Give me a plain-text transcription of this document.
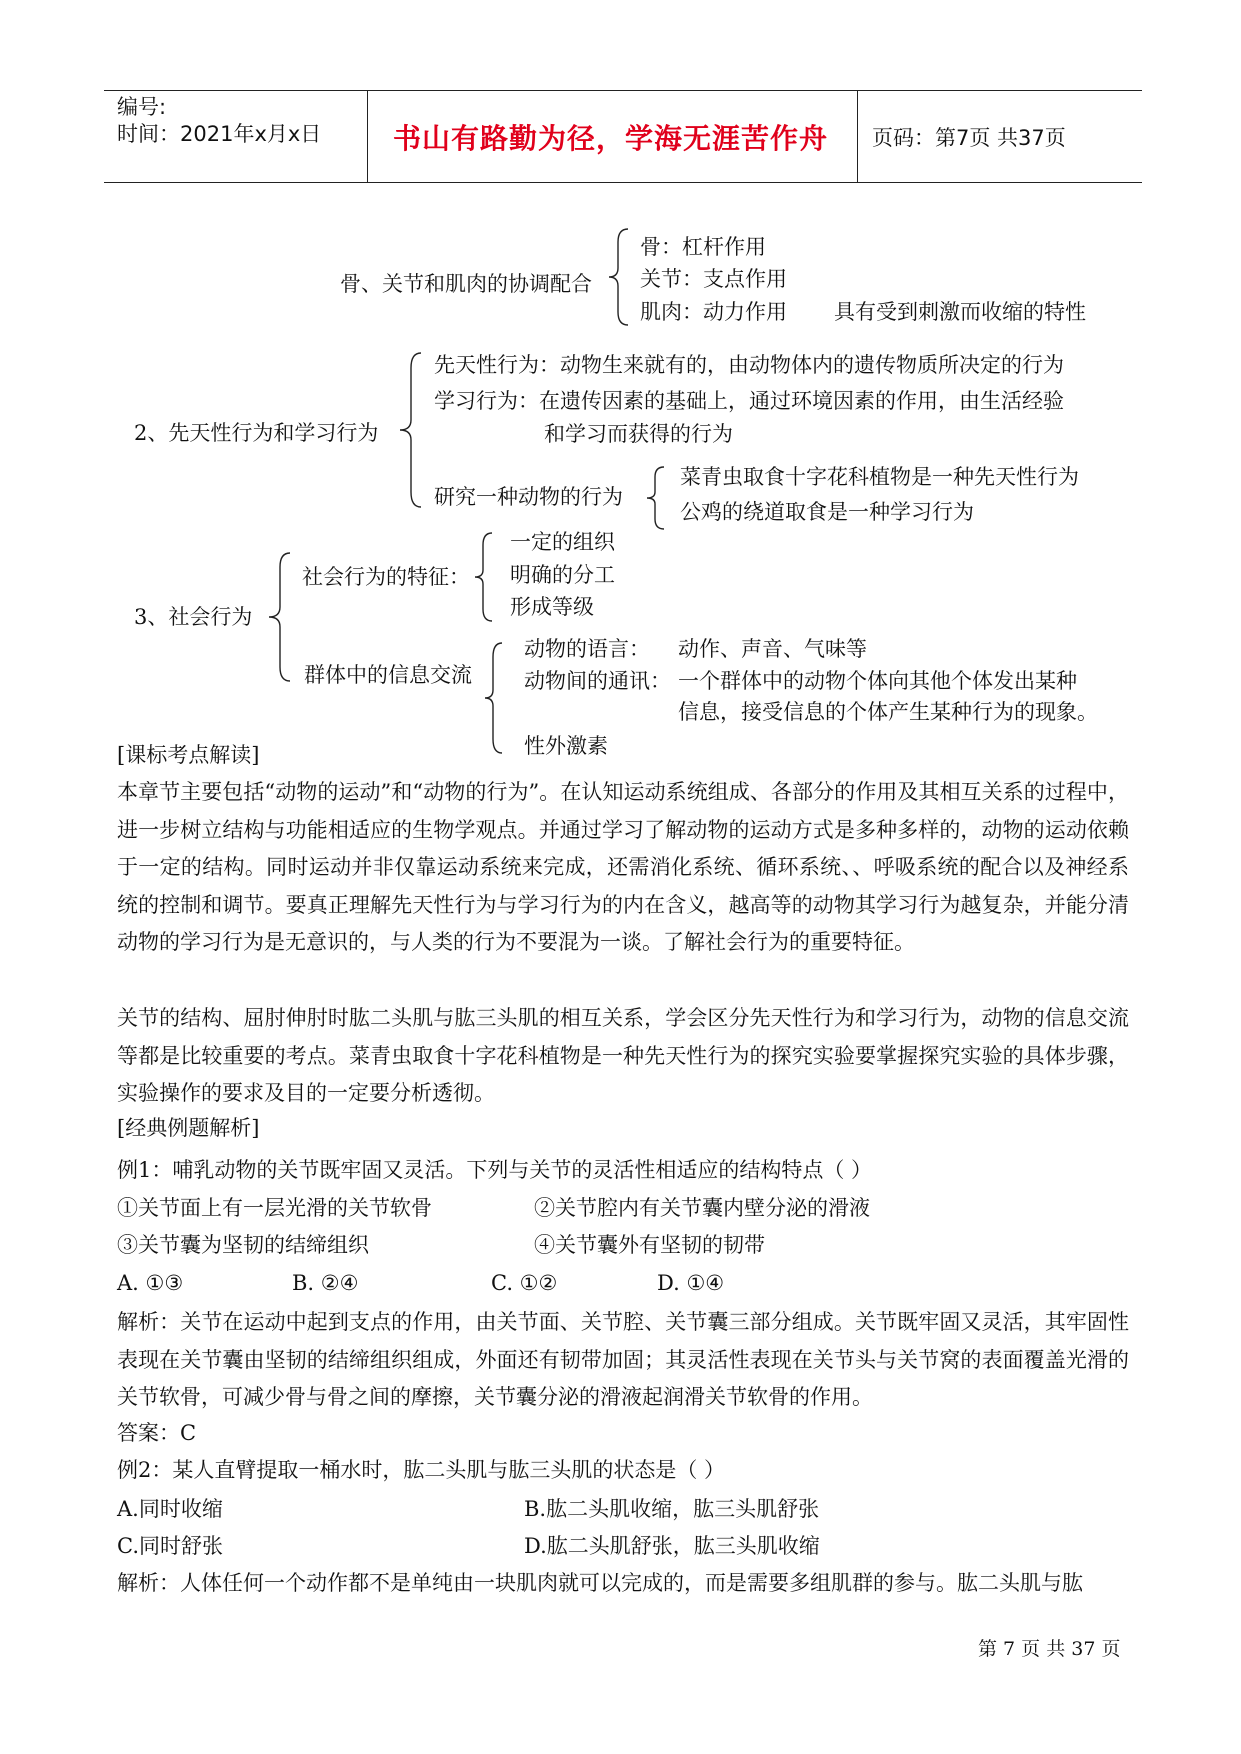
编号:
时间：2021年x月x日	书山有路勤为径，学海无涯苦作舟 页码：第7页 共37页
骨、关节和肌肉的协调配合
骨：杠杆作用
关节：支点作用
肌肉：动力作用 具有受到刺激而收缩的特性
2、先天性行为和学习行为
先天性行为：动物生来就有的，由动物体内的遗传物质所决定的行为
学习行为：在遗传因素的基础上，通过环境因素的作用，由生活经验
和学习而获得的行为
研究一种动物的行为
菜青虫取食十字花科植物是一种先天性行为
公鸡的绕道取食是一种学习行为
3、社会行为
社会行为的特征：
一定的组织
明确的分工
形成等级
群体中的信息交流
动物的语言： 动作、声音、气味等
动物间的通讯： 一个群体中的动物个体向其他个体发出某种
信息，接受信息的个体产生某种行为的现象。
性外激素
[课标考点解读]
本章节主要包括“动物的运动”和“动物的行为”。在认知运动系统组成、各部分的作用及其相互关系的过程中，进一步树立结构与功能相适应的生物学观点。并通过学习了解动物的运动方式是多种多样的，动物的运动依赖于一定的结构。同时运动并非仅靠运动系统来完成，还需消化系统、循环系统、、呼吸系统的配合以及神经系统的控制和调节。要真正理解先天性行为与学习行为的内在含义，越高等的动物其学习行为越复杂，并能分清动物的学习行为是无意识的，与人类的行为不要混为一谈。了解社会行为的重要特征。
关节的结构、屈肘伸肘时肱二头肌与肱三头肌的相互关系，学会区分先天性行为和学习行为，动物的信息交流等都是比较重要的考点。菜青虫取食十字花科植物是一种先天性行为的探究实验要掌握探究实验的具体步骤，实验操作的要求及目的一定要分析透彻。
[经典例题解析]
例1：哺乳动物的关节既牢固又灵活。下列与关节的灵活性相适应的结构特点（ ）
①关节面上有一层光滑的关节软骨	②关节腔内有关节囊内壁分泌的滑液
③关节囊为坚韧的结缔组织	④关节囊外有坚韧的韧带
A. ①③	B. ②④	C. ①②	D. ①④
解析：关节在运动中起到支点的作用，由关节面、关节腔、关节囊三部分组成。关节既牢固又灵活，其牢固性表现在关节囊由坚韧的结缔组织组成，外面还有韧带加固；其灵活性表现在关节头与关节窝的表面覆盖光滑的关节软骨，可减少骨与骨之间的摩擦，关节囊分泌的滑液起润滑关节软骨的作用。
答案：C
例2：某人直臂提取一桶水时，肱二头肌与肱三头肌的状态是（ ）
A.同时收缩	B.肱二头肌收缩，肱三头肌舒张
C.同时舒张	D.肱二头肌舒张，肱三头肌收缩
解析：人体任何一个动作都不是单纯由一块肌肉就可以完成的，而是需要多组肌群的参与。肱二头肌与肱
第 7 页 共 37 页
